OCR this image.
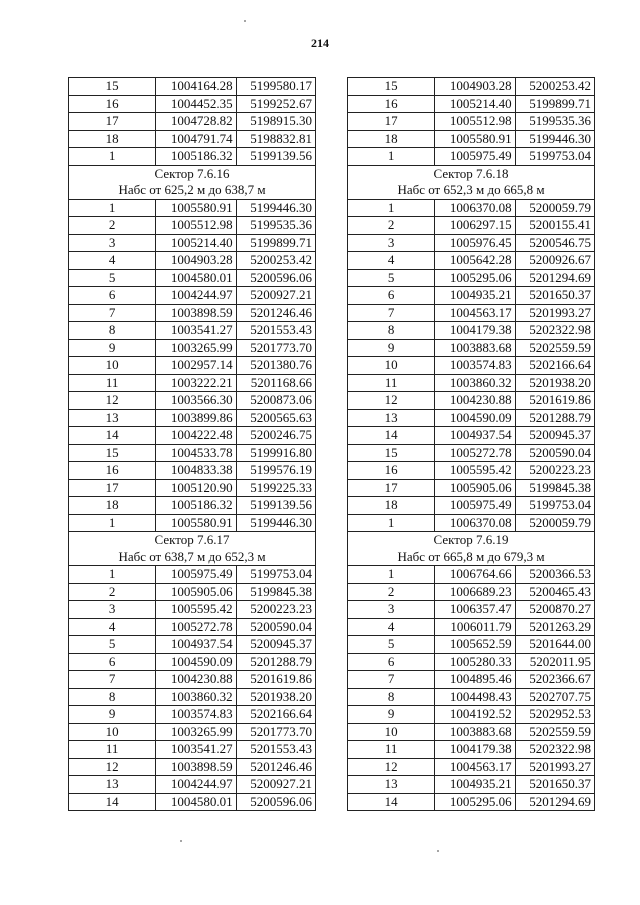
214
15	1004164.28	5199580.17
16	1004452.35	5199252.67
17	1004728.82	5198915.30
18	1004791.74	5198832.81
1	1005186.32	5199139.56
Сектор 7.6.16		
Набс от 625,2 м до 638,7 м		
1	1005580.91	5199446.30
2	1005512.98	5199535.36
3	1005214.40	5199899.71
4	1004903.28	5200253.42
5	1004580.01	5200596.06
6	1004244.97	5200927.21
7	1003898.59	5201246.46
8	1003541.27	5201553.43
9	1003265.99	5201773.70
10	1002957.14	5201380.76
11	1003222.21	5201168.66
12	1003566.30	5200873.06
13	1003899.86	5200565.63
14	1004222.48	5200246.75
15	1004533.78	5199916.80
16	1004833.38	5199576.19
17	1005120.90	5199225.33
18	1005186.32	5199139.56
1	1005580.91	5199446.30
Сектор 7.6.17		
Набс от 638,7 м до 652,3 м		
1	1005975.49	5199753.04
2	1005905.06	5199845.38
3	1005595.42	5200223.23
4	1005272.78	5200590.04
5	1004937.54	5200945.37
6	1004590.09	5201288.79
7	1004230.88	5201619.86
8	1003860.32	5201938.20
9	1003574.83	5202166.64
10	1003265.99	5201773.70
11	1003541.27	5201553.43
12	1003898.59	5201246.46
13	1004244.97	5200927.21
14	1004580.01	5200596.06
15	1004903.28	5200253.42
16	1005214.40	5199899.71
17	1005512.98	5199535.36
18	1005580.91	5199446.30
1	1005975.49	5199753.04
Сектор 7.6.18		
Набс от 652,3 м до 665,8 м		
1	1006370.08	5200059.79
2	1006297.15	5200155.41
3	1005976.45	5200546.75
4	1005642.28	5200926.67
5	1005295.06	5201294.69
6	1004935.21	5201650.37
7	1004563.17	5201993.27
8	1004179.38	5202322.98
9	1003883.68	5202559.59
10	1003574.83	5202166.64
11	1003860.32	5201938.20
12	1004230.88	5201619.86
13	1004590.09	5201288.79
14	1004937.54	5200945.37
15	1005272.78	5200590.04
16	1005595.42	5200223.23
17	1005905.06	5199845.38
18	1005975.49	5199753.04
1	1006370.08	5200059.79
Сектор 7.6.19		
Набс от 665,8 м до 679,3 м		
1	1006764.66	5200366.53
2	1006689.23	5200465.43
3	1006357.47	5200870.27
4	1006011.79	5201263.29
5	1005652.59	5201644.00
6	1005280.33	5202011.95
7	1004895.46	5202366.67
8	1004498.43	5202707.75
9	1004192.52	5202952.53
10	1003883.68	5202559.59
11	1004179.38	5202322.98
12	1004563.17	5201993.27
13	1004935.21	5201650.37
14	1005295.06	5201294.69
